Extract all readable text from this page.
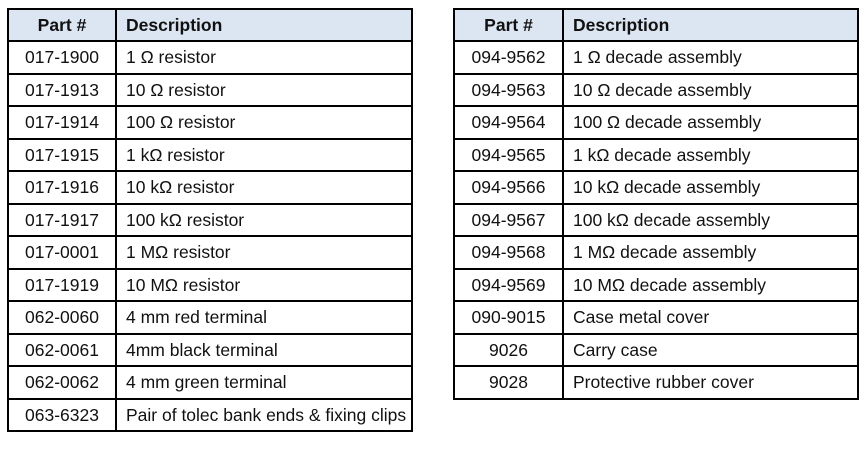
Part #	Description
017-1900	1 Ω resistor
017-1913	10 Ω resistor
017-1914	100 Ω resistor
017-1915	1 kΩ resistor
017-1916	10 kΩ resistor
017-1917	100 kΩ resistor
017-0001	1 MΩ resistor
017-1919	10 MΩ resistor
062-0060	4 mm red terminal
062-0061	4mm black terminal
062-0062	4 mm green terminal
063-6323	Pair of tolec bank ends & fixing clips
Part #	Description
094-9562	1 Ω decade assembly
094-9563	10 Ω decade assembly
094-9564	100 Ω decade assembly
094-9565	1 kΩ decade assembly
094-9566	10 kΩ decade assembly
094-9567	100 kΩ decade assembly
094-9568	1 MΩ decade assembly
094-9569	10 MΩ decade assembly
090-9015	Case metal cover
9026	Carry case
9028	Protective rubber cover
